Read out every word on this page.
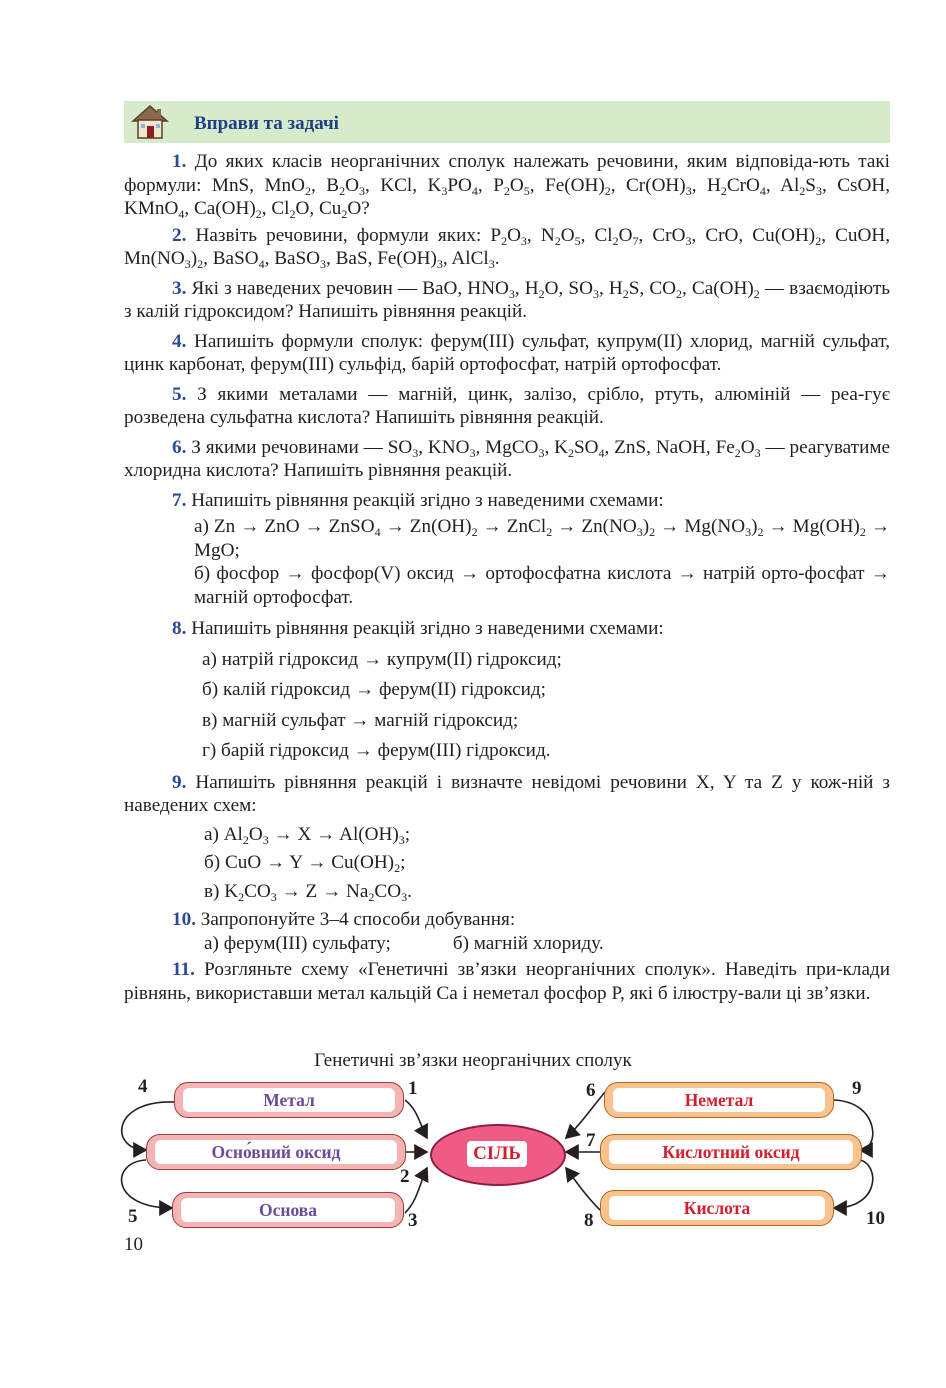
Вправи та задачі

1. До яких класів неорганічних сполук належать речовини, яким відповіда-ють такі формули: MnS, MnO$_2$, $B_2O_3$, KCl, $K_3PO_4$, $P_2O_5$, $Fe(OH)_2$, $Cr(OH)_3$, $H_2CrO_4$, $Al_2S_3$, CsOH, KMnO$_4$, $Ca(OH)_2$, $Cl_2O$, $Cu_2O$?

2. Назвіть речовини, формули яких: $P_2O_3$, $N_2O_5$, $Cl_2O_7$, CrO$_3$, CrO, $Cu(OH)_2$, CuOH, $Mn(NO_3)_2$, BaSO$_4$, BaSO$_3$, BaS, $Fe(OH)_3$, AlCl$_3$.

3. Які з наведених речовин — BaO, $HNO_3$, $H_2O$, $SO_3$, $H_2S$, $CO_2$, $Ca(OH)_2$ — взаємодіють з калій гідроксидом? Напишіть рівняння реакцій.

4. Напишіть формули сполук: ферум(III) сульфат, купрум(II) хлорид, магній сульфат, цинк карбонат, ферум(III) сульфід, барій ортофосфат, натрій ортофосфат.

5. З якими металами — магній, цинк, залізо, срібло, ртуть, алюміній — реа-гує розведена сульфатна кислота? Напишіть рівняння реакцій.

6. З якими речовинами — $SO_3$, $KNO_3$, MgCO$_3$, $K_2SO_4$, ZnS, NaOH, $Fe_2O_3$ — реагуватиме хлоридна кислота? Напишіть рівняння реакцій.

7. Напишіть рівняння реакцій згідно з наведеними схемами:

а) Zn → ZnO → ZnSO$_4$ → $Zn(OH)_2$ → ZnCl$_2$ → $Zn(NO_3)_2 \to Mg(NO_3)_2 \to Mg(OH)_2$ → MgO;

б) фосфор → фосфор(V) оксид → ортофосфатна кислота → натрій орто-фосфат → магній ортофосфат.

8. Напишіть рівняння реакцій згідно з наведеними схемами:

а) натрій гідроксид → купрум(II) гідроксид;

б) калій гідроксид → ферум(II) гідроксид;

в) магній сульфат → магній гідроксид;

г) барій гідроксид → ферум(III) гідроксид.

9. Напишіть рівняння реакцій і визначте невідомі речовини X, Y та Z у кож-ній з наведених схем:

а) $Al_2O_3 \to X \to Al(OH)_3$;

б) CuO → $Y \to Cu(OH)_2$;

в) $K_2CO_3 \to Z \to Na_2CO_3$.

10. Запропонуйте 3–4 способи добування:

а) ферум(III) сульфату;	б) магній хлориду.

11. Розгляньте схему «Генетичні зв’язки неорганічних сполук». Наведіть при-клади рівнянь, використавши метал кальцій Ca і неметал фосфор P, які б ілюстру-вали ці зв’язки.

Генетичні зв’язки неорганічних сполук
Метал
Осно́вний оксид
Основа
Неметал
Кислотний оксид
Кислота
СІЛЬ
1
2
3
4
5
6
7
8
9
10
10
